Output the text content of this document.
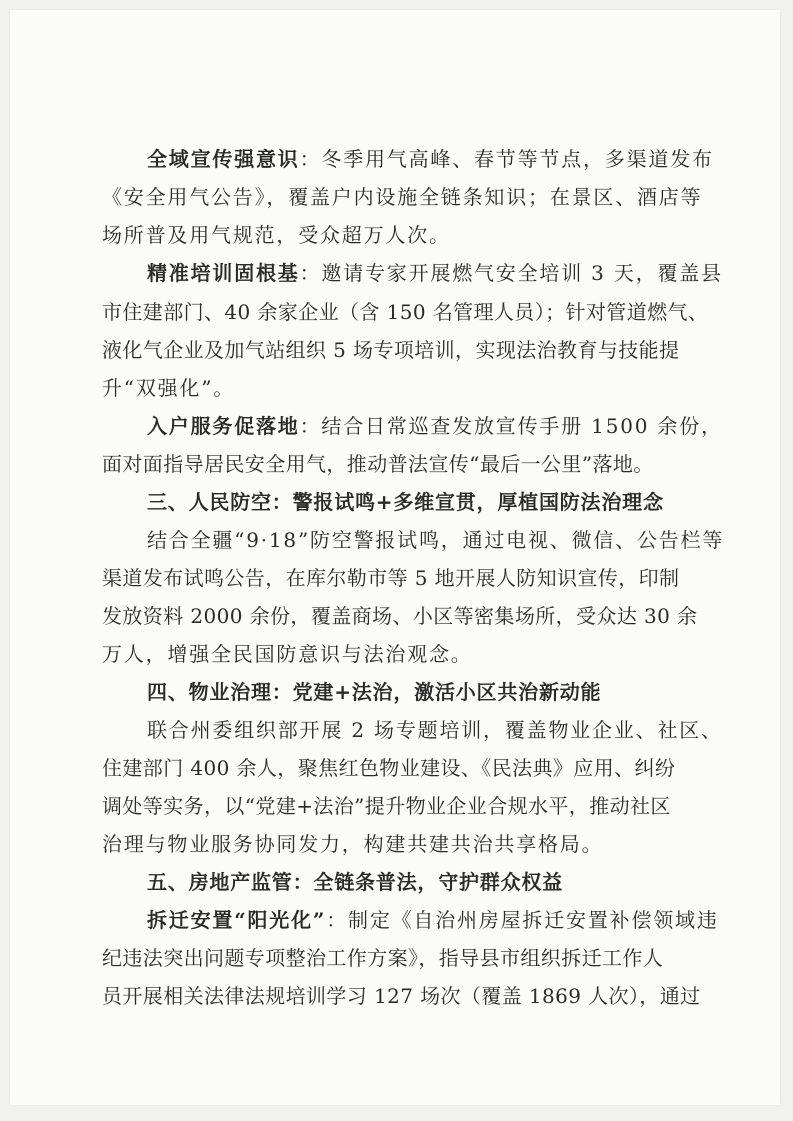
全域宣传强意识：冬季用气高峰、春节等节点，多渠道发布
《安全用气公告》，覆盖户内设施全链条知识；在景区、酒店等
场所普及用气规范，受众超万人次。
精准培训固根基：邀请专家开展燃气安全培训 3 天，覆盖县
市住建部门、40 余家企业（含 150 名管理人员）；针对管道燃气、
液化气企业及加气站组织 5 场专项培训，实现法治教育与技能提
升“双强化”。
入户服务促落地：结合日常巡查发放宣传手册 1500 余份，
面对面指导居民安全用气，推动普法宣传“最后一公里”落地。
三、人民防空：警报试鸣+多维宣贯，厚植国防法治理念
结合全疆“9·18”防空警报试鸣，通过电视、微信、公告栏等
渠道发布试鸣公告，在库尔勒市等 5 地开展人防知识宣传，印制
发放资料 2000 余份，覆盖商场、小区等密集场所，受众达 30 余
万人，增强全民国防意识与法治观念。
四、物业治理：党建+法治，激活小区共治新动能
联合州委组织部开展 2 场专题培训，覆盖物业企业、社区、
住建部门 400 余人，聚焦红色物业建设、《民法典》应用、纠纷
调处等实务，以“党建+法治”提升物业企业合规水平，推动社区
治理与物业服务协同发力，构建共建共治共享格局。
五、房地产监管：全链条普法，守护群众权益
拆迁安置“阳光化”：制定《自治州房屋拆迁安置补偿领域违
纪违法突出问题专项整治工作方案》，指导县市组织拆迁工作人
员开展相关法律法规培训学习 127 场次（覆盖 1869 人次），通过
